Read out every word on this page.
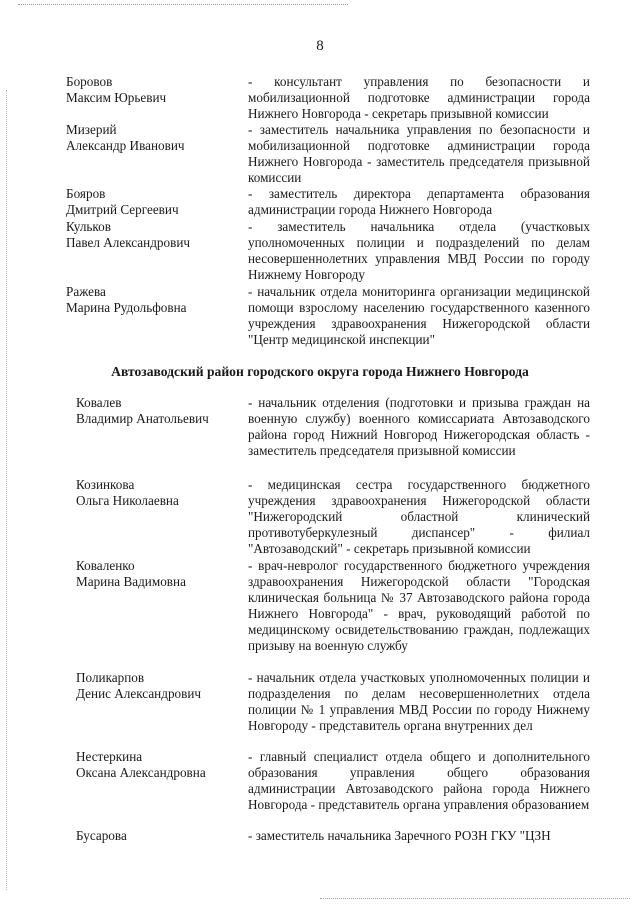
8
Боровов
Максим Юрьевич
- консультант управления по безопасности и мобилизационной подготовке администрации города Нижнего Новгорода - секретарь призывной комиссии
Мизерий
Александр Иванович
- заместитель начальника управления по безопасности и мобилизационной подготовке администрации города Нижнего Новгорода - заместитель председателя призывной комиссии
Бояров
Дмитрий Сергеевич
- заместитель директора департамента образования администрации города Нижнего Новгорода
Кульков
Павел Александрович
- заместитель начальника отдела (участковых уполномоченных полиции и подразделений по делам несовершеннолетних управления МВД России по городу Нижнему Новгороду
Ражева
Марина Рудольфовна
- начальник отдела мониторинга организации медицинской помощи взрослому населению государственного казенного учреждения здравоохранения Нижегородской области "Центр медицинской инспекции"
Автозаводский район городского округа города Нижнего Новгорода
Ковалев
Владимир Анатольевич
- начальник отделения (подготовки и призыва граждан на военную службу) военного комиссариата Автозаводского района город Нижний Новгород Нижегородская область - заместитель председателя призывной комиссии
Козинкова
Ольга Николаевна
- медицинская сестра государственного бюджетного учреждения здравоохранения Нижегородской области "Нижегородский областной клинический противотуберкулезный диспансер" - филиал "Автозаводский" - секретарь призывной комиссии
Коваленко
Марина Вадимовна
- врач-невролог государственного бюджетного учреждения здравоохранения Нижегородской области "Городская клиническая больница № 37 Автозаводского района города Нижнего Новгорода" - врач, руководящий работой по медицинскому освидетельствованию граждан, подлежащих призыву на военную службу
Поликарпов
Денис Александрович
- начальник отдела участковых уполномоченных полиции и подразделения по делам несовершеннолетних отдела полиции № 1 управления МВД России по городу Нижнему Новгороду - представитель органа внутренних дел
Нестеркина
Оксана Александровна
- главный специалист отдела общего и дополнительного образования управления общего образования администрации Автозаводского района города Нижнего Новгорода - представитель органа управления образованием
Бусарова	- заместитель начальника Заречного РОЗН ГКУ "ЦЗН
